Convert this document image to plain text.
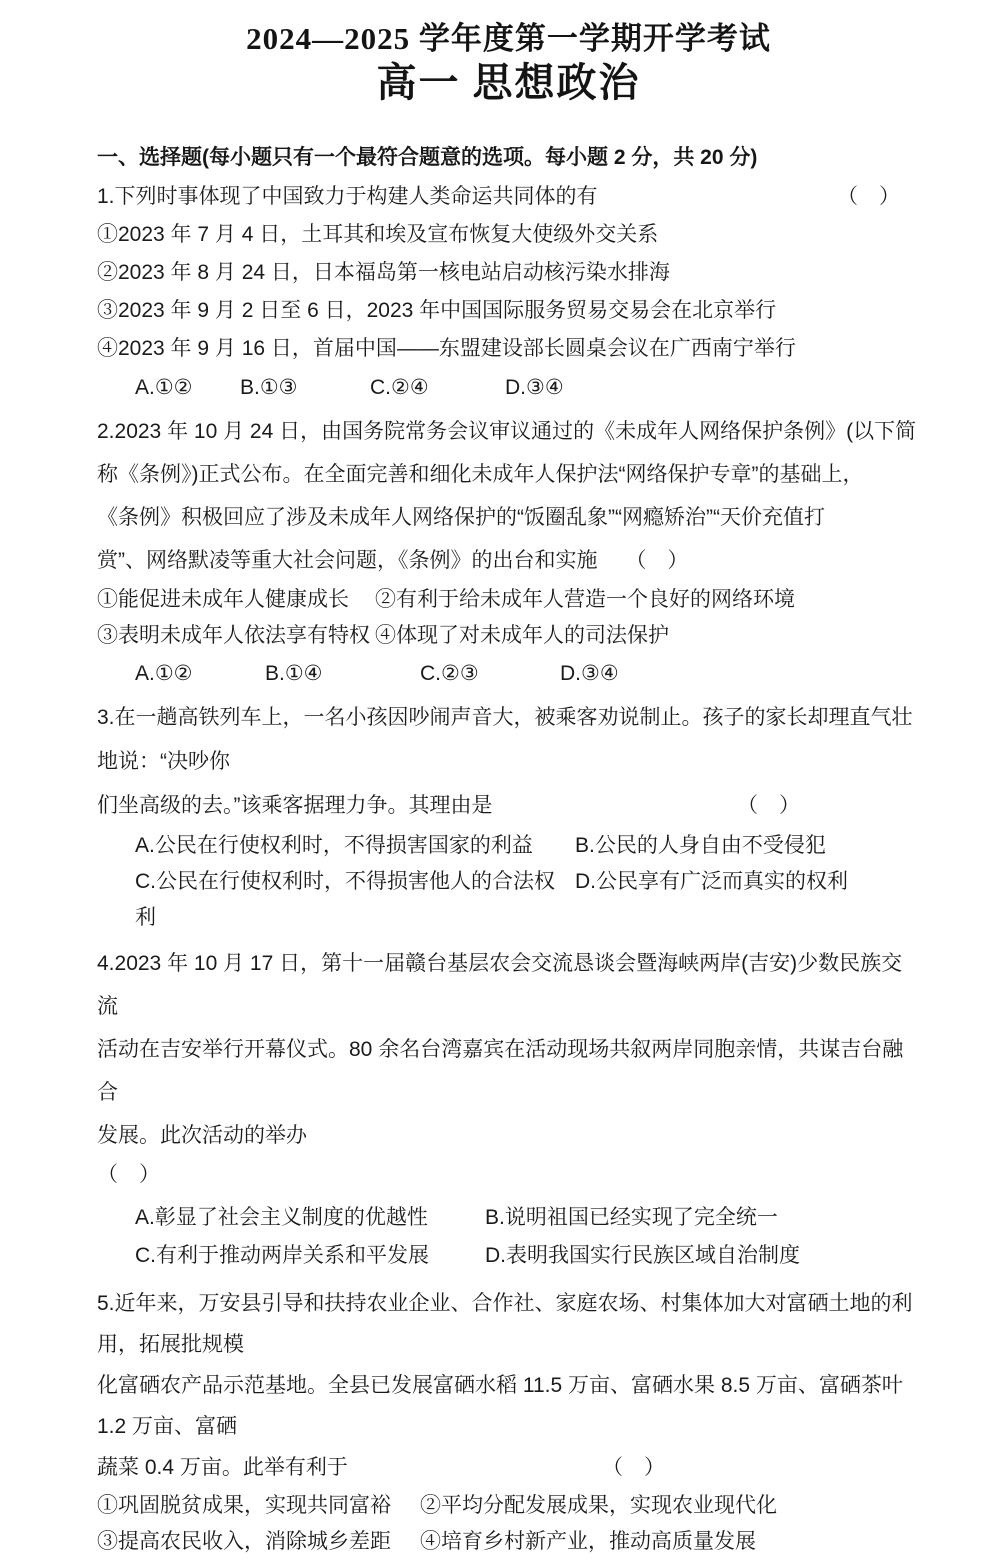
2024—2025 学年度第一学期开学考试
高一 思想政治
一、选择题(每小题只有一个最符合题意的选项。每小题 2 分，共 20 分)
1.下列时事体现了中国致力于构建人类命运共同体的有	（　）
①2023 年 7 月 4 日，土耳其和埃及宣布恢复大使级外交关系
②2023 年 8 月 24 日，日本福岛第一核电站启动核污染水排海
③2023 年 9 月 2 日至 6 日，2023 年中国国际服务贸易交易会在北京举行
④2023 年 9 月 16 日，首届中国——东盟建设部长圆桌会议在广西南宁举行
A.①②	B.①③	C.②④	D.③④
2.2023 年 10 月 24 日，由国务院常务会议审议通过的《未成年人网络保护条例》(以下简
称《条例》)正式公布。在全面完善和细化未成年人保护法“网络保护专章”的基础上，
《条例》积极回应了涉及未成年人网络保护的“饭圈乱象”“网瘾矫治”“天价充值打
赏”、网络默凌等重大社会问题，《条例》的出台和实施 （　）
①能促进未成年人健康成长	②有利于给未成年人营造一个良好的网络环境
③表明未成年人依法享有特权 ④体现了对未成年人的司法保护
A.①②	B.①④	C.②③	D.③④
3.在一趟高铁列车上，一名小孩因吵闹声音大，被乘客劝说制止。孩子的家长却理直气壮地说：“决吵你
们坐高级的去。”该乘客据理力争。其理由是	（　）
A.公民在行使权利时，不得损害国家的利益	B.公民的人身自由不受侵犯
C.公民在行使权利时，不得损害他人的合法权利
D.公民享有广泛而真实的权利
4.2023 年 10 月 17 日，第十一届赣台基层农会交流恳谈会暨海峡两岸(吉安)少数民族交流
活动在吉安举行开幕仪式。80 余名台湾嘉宾在活动现场共叙两岸同胞亲情，共谋吉台融合
发展。此次活动的举办
（　）
A.彰显了社会主义制度的优越性	B.说明祖国已经实现了完全统一
C.有利于推动两岸关系和平发展	D.表明我国实行民族区域自治制度
5.近年来，万安县引导和扶持农业企业、合作社、家庭农场、村集体加大对富硒土地的利用，拓展批规模
化富硒农产品示范基地。全县已发展富硒水稻 11.5 万亩、富硒水果 8.5 万亩、富硒茶叶 1.2 万亩、富硒
蔬菜 0.4 万亩。此举有利于	（　）
①巩固脱贫成果，实现共同富裕	②平均分配发展成果，实现农业现代化
③提高农民收入，消除城乡差距	④培育乡村新产业，推动高质量发展
